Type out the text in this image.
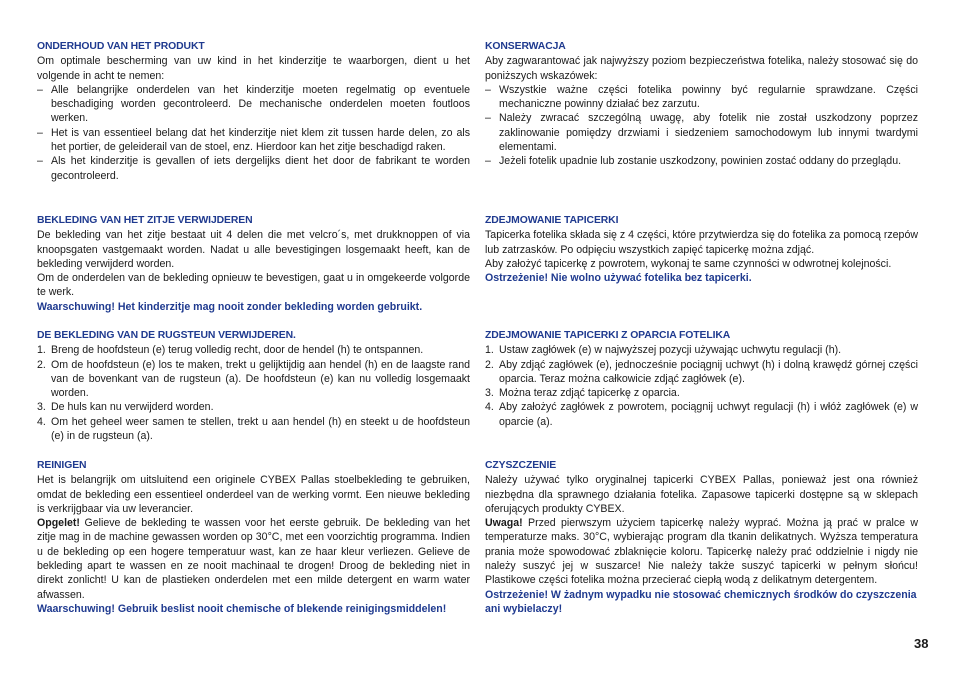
ONDERHOUD VAN HET PRODUKT

Om optimale bescherming van uw kind in het kinderzitje te waarborgen, dient u het volgende in acht te nemen:

– Alle belangrijke onderdelen van het kinderzitje moeten regelmatig op eventuele beschadiging worden gecontroleerd. De mechanische onderdelen moeten foutloos werken.
– Het is van essentieel belang dat het kinderzitje niet klem zit tussen harde delen, zo als het portier, de geleiderail van de stoel, enz. Hierdoor kan het zitje beschadigd raken.
– Als het kinderzitje is gevallen of iets dergelijks dient het door de fabrikant te worden gecontroleerd.
BEKLEDING VAN HET ZITJE VERWIJDEREN

De bekleding van het zitje bestaat uit 4 delen die met velcro´s, met drukknoppen of via knoopsgaten vastgemaakt worden. Nadat u alle bevestigingen losgemaakt heeft, kan de bekleding verwijderd worden.

Om de onderdelen van de bekleding opnieuw te bevestigen, gaat u in omgekeerde volgorde te werk.

Waarschuwing! Het kinderzitje mag nooit zonder bekleding worden gebruikt.

DE BEKLEDING VAN DE RUGSTEUN VERWIJDEREN.
1. Breng de hoofdsteun (e) terug volledig recht, door de hendel (h) te ontspannen.
2. Om de hoofdsteun (e) los te maken, trekt u gelijktijdig aan hendel (h) en de laagste rand van de bovenkant van de rugsteun (a). De hoofdsteun (e) kan nu volledig losgemaakt worden.
3. De huls kan nu verwijderd worden.
4. Om het geheel weer samen te stellen, trekt u aan hendel (h) en steekt u de hoofdsteun (e) in de rugsteun (a).
REINIGEN

Het is belangrijk om uitsluitend een originele CYBEX Pallas stoelbekleding te gebruiken, omdat de bekleding een essentieel onderdeel van de werking vormt. Een nieuwe bekleding is verkrijgbaar via uw leverancier.

Opgelet! Gelieve de bekleding te wassen voor het eerste gebruik. De bekleding van het zitje mag in de machine gewassen worden op 30°C, met een voorzichtig programma. Indien u de bekleding op een hogere temperatuur wast, kan ze haar kleur verliezen. Gelieve de bekleding apart te wassen en ze nooit machinaal te drogen! Droog de bekleding niet in direkt zonlicht! U kan de plastieken onderdelen met een milde detergent en warm water afwassen.

Waarschuwing! Gebruik beslist nooit chemische of blekende reinigingsmiddelen!

KONSERWACJA

Aby zagwarantować jak najwyższy poziom bezpieczeństwa fotelika, należy stosować się do poniższych wskazówek:

– Wszystkie ważne części fotelika powinny być regularnie sprawdzane. Części mechaniczne powinny działać bez zarzutu.
– Należy zwracać szczególną uwagę, aby fotelik nie został uszkodzony poprzez zaklinowanie pomiędzy drzwiami i siedzeniem samochodowym lub innymi twardymi elementami.
– Jeżeli fotelik upadnie lub zostanie uszkodzony, powinien zostać oddany do przeglądu.
ZDEJMOWANIE TAPICERKI

Tapicerka fotelika składa się z 4 części, które przytwierdza się do fotelika za pomocą rzepów lub zatrzasków. Po odpięciu wszystkich zapięć tapicerkę można zdjąć.

Aby założyć tapicerkę z powrotem, wykonaj te same czynności w odwrotnej kolejności.

Ostrzeżenie! Nie wolno używać fotelika bez tapicerki.

ZDEJMOWANIE TAPICERKI Z OPARCIA FOTELIKA
1. Ustaw zagłówek (e) w najwyższej pozycji używając uchwytu regulacji (h).
2. Aby zdjąć zagłówek (e), jednocześnie pociągnij uchwyt (h) i dolną krawędź górnej części oparcia. Teraz można całkowicie zdjąć zagłówek (e).
3. Można teraz zdjąć tapicerkę z oparcia.
4. Aby założyć zagłówek z powrotem, pociągnij uchwyt regulacji (h) i włóż zagłówek (e) w oparcie (a).
CZYSZCZENIE

Należy używać tylko oryginalnej tapicerki CYBEX Pallas, ponieważ jest ona również niezbędna dla sprawnego działania fotelika. Zapasowe tapicerki dostępne są w sklepach oferujących produkty CYBEX.

Uwaga! Przed pierwszym użyciem tapicerkę należy wyprać. Można ją prać w pralce w temperaturze maks. 30°C, wybierając program dla tkanin delikatnych. Wyższa temperatura prania może spowodować zblaknięcie koloru. Tapicerkę należy prać oddzielnie i nigdy nie należy suszyć jej w suszarce! Nie należy także suszyć tapicerki w pełnym słońcu! Plastikowe części fotelika można przecierać ciepłą wodą z delikatnym detergentem.

Ostrzeżenie! W żadnym wypadku nie stosować chemicznych środków do czyszczenia ani wybielaczy!

38
